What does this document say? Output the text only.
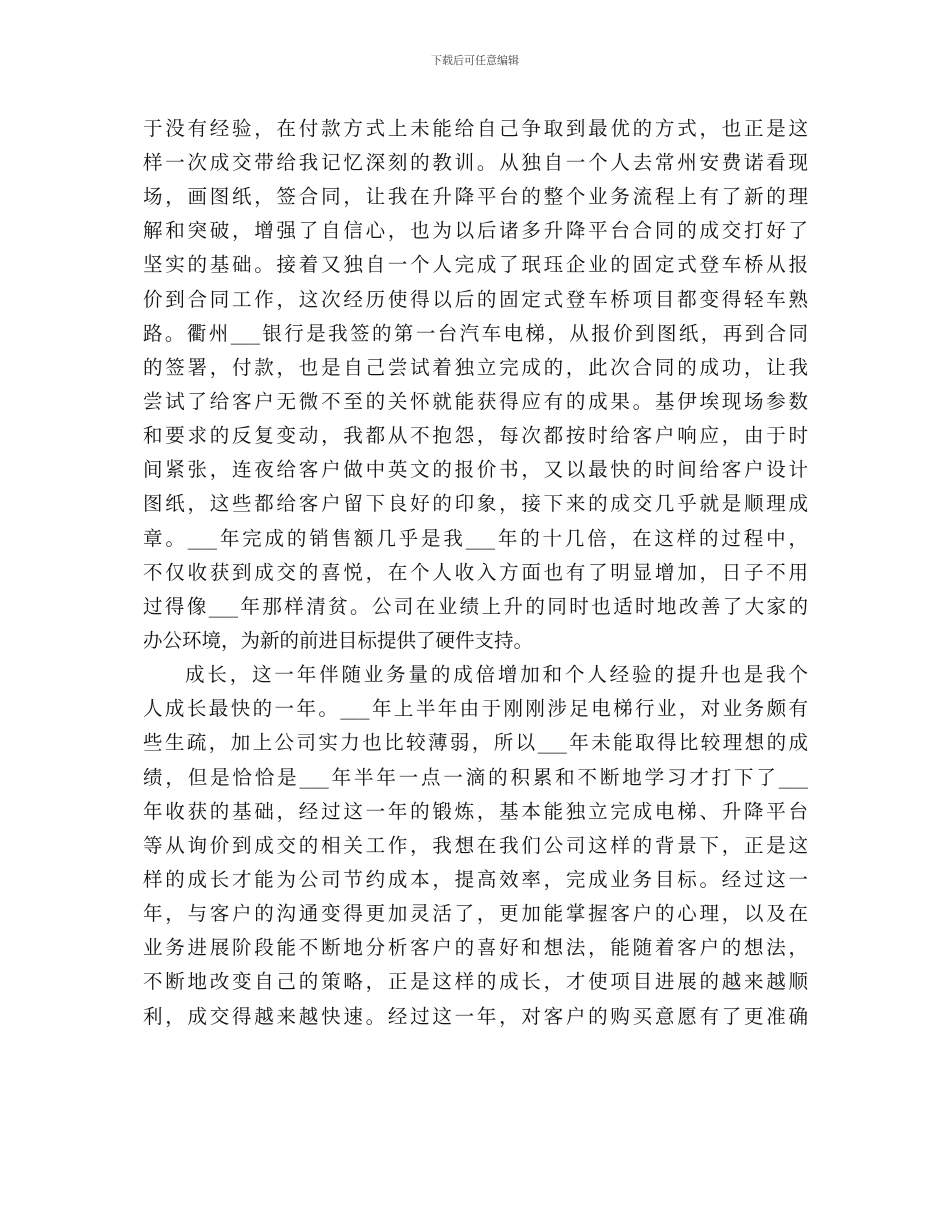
下载后可任意编辑
于没有经验，在付款方式上未能给自己争取到最优的方式，也正是这
样一次成交带给我记忆深刻的教训。从独自一个人去常州安费诺看现
场，画图纸，签合同，让我在升降平台的整个业务流程上有了新的理
解和突破，增强了自信心，也为以后诸多升降平台合同的成交打好了
坚实的基础。接着又独自一个人完成了珉珏企业的固定式登车桥从报
价到合同工作，这次经历使得以后的固定式登车桥项目都变得轻车熟
路。衢州___银行是我签的第一台汽车电梯，从报价到图纸，再到合同
的签署，付款，也是自己尝试着独立完成的，此次合同的成功，让我
尝试了给客户无微不至的关怀就能获得应有的成果。基伊埃现场参数
和要求的反复变动，我都从不抱怨，每次都按时给客户响应，由于时
间紧张，连夜给客户做中英文的报价书，又以最快的时间给客户设计
图纸，这些都给客户留下良好的印象，接下来的成交几乎就是顺理成
章。___年完成的销售额几乎是我___年的十几倍，在这样的过程中，
不仅收获到成交的喜悦，在个人收入方面也有了明显增加，日子不用
过得像___年那样清贫。公司在业绩上升的同时也适时地改善了大家的
办公环境，为新的前进目标提供了硬件支持。
成长，这一年伴随业务量的成倍增加和个人经验的提升也是我个
人成长最快的一年。___年上半年由于刚刚涉足电梯行业，对业务颇有
些生疏，加上公司实力也比较薄弱，所以___年未能取得比较理想的成
绩，但是恰恰是___年半年一点一滴的积累和不断地学习才打下了___
年收获的基础，经过这一年的锻炼，基本能独立完成电梯、升降平台
等从询价到成交的相关工作，我想在我们公司这样的背景下，正是这
样的成长才能为公司节约成本，提高效率，完成业务目标。经过这一
年，与客户的沟通变得更加灵活了，更加能掌握客户的心理，以及在
业务进展阶段能不断地分析客户的喜好和想法，能随着客户的想法，
不断地改变自己的策略，正是这样的成长，才使项目进展的越来越顺
利，成交得越来越快速。经过这一年，对客户的购买意愿有了更准确
